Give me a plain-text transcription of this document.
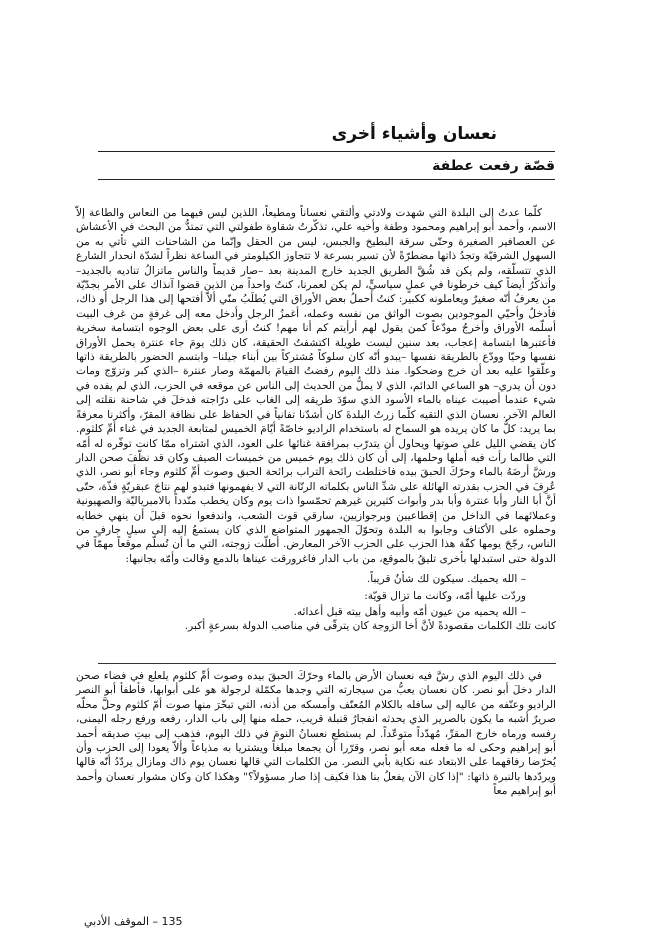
نعسان وأشياء أخرى
قصّة رفعت عطفة

كلّما عدتُ إلى البلدة التي شهدت ولادتي وألتقي نعساناً ومطيعاً، اللذين ليس فيهما من النعاس والطاعة إلاّ الاسم، وأحمد أبو إبراهيم ومحمود وطفة وأخيه علي، تذكّرتُ شقاوة طفولتي التي تمتدُّ من البحث في الأعشاش عن العصافير الصغيرة وحتّى سرقة البطيخ والجبس، ليس من الحقل وإنّما من الشاحنات التي تأتي به من السهول الشرقيّة وتجدُ ذاتها مضطرّةً لأن تسير بسرعة لا تتجاوز الكيلومتر في الساعة نظراً لشدّة انحدار الشارع الذي تتسلّقه، ولم يكن قد شُقَّ الطريق الجديد خارج المدينة بعد –صار قديماً والناس ماتزالُ تناديه بالجديد– وأتذكّرُ أيضاً كيف خرطونا في عملٍ سياسيٍّ، لم يكن لعمرنا، كنتُ واحداً من الذين قضوا آنذاك على الأمر بجدّيّة من يعرفُ أنّه صغيرٌ ويعاملونه ككبير: كنتُ أحملُ بعض الأوراق التي يُطلَبُ منّي ألاّ أفتحها إلى هذا الرجل أو ذاك، فأدخلُ وأحيّي الموجودين بصوت الواثق من نفسه وعمله، أغمزُ الرجل وأدخل معه إلى غرفةٍ من غرف البيت أسلّمه الأوراق وأخرجُ مودّعاً كمن يقول لهم أرأيتم كم أنا مهم! كنتُ أرى على بعض الوجوه ابتسامة سخرية فأعتبرها ابتسامة إعجاب، بعد سنين ليست طويلة اكتشفتُ الحقيقة، كان ذلك يومَ جاء عنترة يحمل الأوراق نفسها وحيّا وودّع بالطريقة نفسها –يبدو أنّه كان سلوكاً مُشتركاً بين أبناء جيلنا– وابتسم الحضور بالطريقة ذاتها وعلّقوا عليه بعد أن خرج وضحكوا. منذ ذلك اليوم رفضتُ القيامَ بالمهمّة وصار عنترة –الذي كبر وتزوّج ومات دون أن يدري– هو الساعي الدائم، الذي لا يملُّ من الحديث إلى الناس عن موقعه في الحزب، الذي لم يفده في شيء عندما أصيبت عيناه بالماء الأسود الذي سوّدَ طريقه إلى الغاب على درّاجته فدخلَ في شاحنة نقلته إلى العالم الآخر. نعسان الذي التقيه كلّما زرتُ البلدةَ كان أشدّنا تفانياً في الحفاظ على نظافة المقرّ، وأكثرنا معرفةً بما يريد: كلُّ ما كان يريده هو السماح له باستخدام الراديو خاصّةً أيّامَ الخميس لمتابعة الجديد في غناء أمِّ كلثوم. كان يقضي الليل على صوتها ويحاول أن يتدرّب بمرافقة غنائها على العود، الذي اشتراه ممّا كانت توفّره له أمّه التي طالما رأت فيه أملها وحلمها، إلى أن كان ذلك يوم خميس من خميسات الصيف وكان قد نظّفَ صحن الدار ورشَّ أرضَهُ بالماء وحرّكَ الحبقَ بيده فاختلطت رائحة التراب برائحة الحبق وصوت أمِّ كلثوم وجاء أبو نصر، الذي عُرِفَ في الحزب بقدرته الهائلة على شدِّ الناس بكلماته الرنّانة التي لا يفهمونها فتبدو لهم نتاجَ عبقريّةٍ فذّة، حتّى أنَّ أبا النار وأبا عنترة وأبا بدر وأبوات كثيرين غيرهم تحمّسوا ذات يوم وكان يخطب منّدداً بالامبرياليّة والصهيونية وعملائهما في الداخل من إقطاعيين وبرجوازيين، سارقي قوت الشعب، واندفعوا نحوه قبلَ أن ينهي خطابه وحملوه على الأكتاف وجابوا به البلدة وتحوّلَ الجمهور المتواضع الذي كان يستمعُ إليه إلى سيلٍ جارفٍ من الناس، رجّحَ يومها كفّة هذا الحزب على الحزب الآخر المعارض. أطلّت زوجته، التي ما أن تُسلّم موقعاً مهمّاً في الدولة حتى استبدلها بأخرى تليقُ بالموقع، من باب الدار فاغرورقت عيناها بالدمع وقالت وأمّه بجانبها:

– الله يحميك. سيكون لك شأنٌ قريباً.

وردّت عليها أمّه، وكانت ما تزال قويّة:

– الله يحميه من عيون أمّه وأبيه وأهل بيته قبل أعدائه.

كانت تلك الكلمات مقصودةً لأنَّ أخا الزوجة كان يترقّى في مناصب الدولة بسرعةٍ أكبر.

في ذلك اليوم الذي رشَّ فيه نعسان الأرض بالماء وحرّكَ الحبقَ بيده وصوت أمِّ كلثوم يلعلع في فضاء صحن الدار دخلَ أبو نصر. كان نعسان يعبُّ من سيجارته التي وجدها مكمّلة لرجولة هو على أبوابها، فأطفأ أبو النصر الراديو وعنّفه من عاليه إلى سافله بالكلام المُعنّف وأمسكه من أذنه، التي تبخّرَ منها صوت أمّ كلثوم وحلَّ محلّه صريرٌ أشبه ما يكون بالصرير الذي يحدثه انفجارُ قنبلة قريب، حمله منها إلى باب الدار، رفعه ورفع رجله اليمنى، رفسه ورماه خارج المقرِّ، مُهدّداً متوعّداً. لم يستطع نعسانُ النومَ في ذلك اليوم، فذهب إلى بيتِ صديقه أحمد أبو إبراهيم وحكى له ما فعله معه أبو نصر، وقرّرا أن يجمعا مبلغاً ويشتريا به مذياعاً وألاّ يعودا إلى الحزب وأن يُحرّضا رفاقهما على الابتعاد عنه نكاية بأبي النصر. من الكلمات التي قالها نعسان يوم ذاك ومازال يردّدُ أنّه قالها ويردّدها بالنبرة ذاتها: "إذا كان الآن يفعلُ بنا هذا فكيف إذا صار مسؤولاً؟" وهكذا كان وكان مشوار نعسان وأحمد أبو إبراهيم معاً

135 – الموقف الأدبي
